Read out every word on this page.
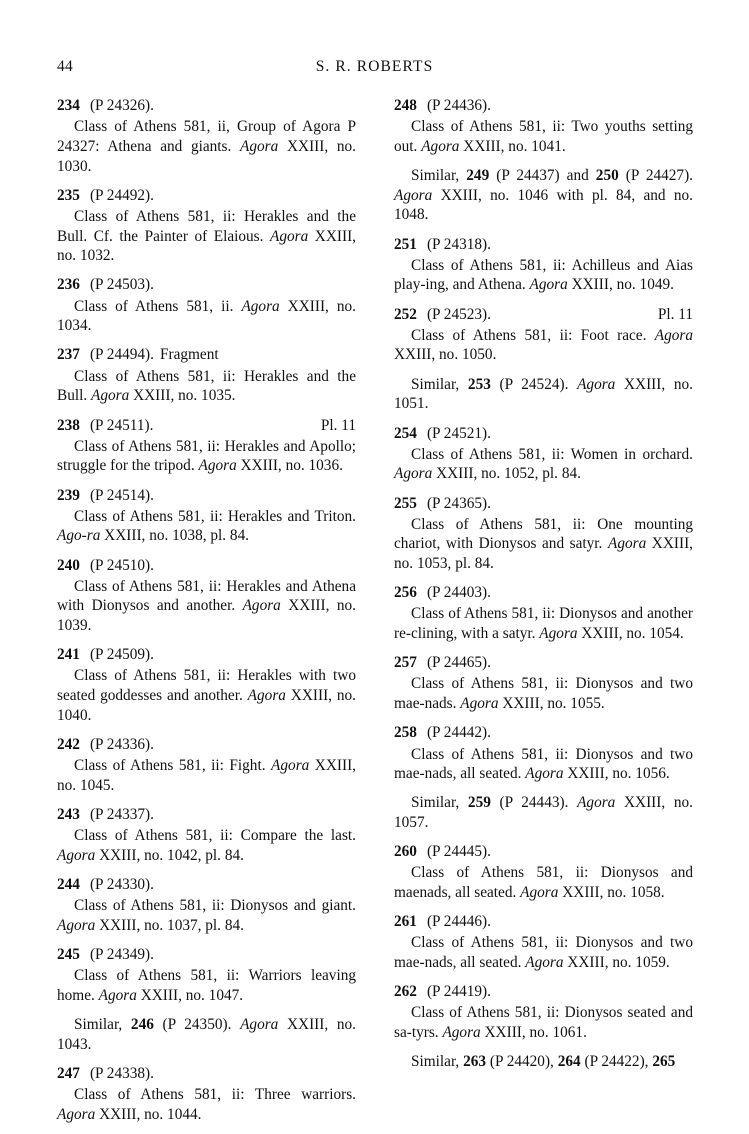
44	S. R. ROBERTS
234 (P 24326).
Class of Athens 581, ii, Group of Agora P 24327: Athena and giants. Agora XXIII, no. 1030.
235 (P 24492).
Class of Athens 581, ii: Herakles and the Bull. Cf. the Painter of Elaious. Agora XXIII, no. 1032.
236 (P 24503).
Class of Athens 581, ii. Agora XXIII, no. 1034.
237 (P 24494). Fragment
Class of Athens 581, ii: Herakles and the Bull. Agora XXIII, no. 1035.
238 (P 24511).	Pl. 11
Class of Athens 581, ii: Herakles and Apollo; struggle for the tripod. Agora XXIII, no. 1036.
239 (P 24514).
Class of Athens 581, ii: Herakles and Triton. Ago-ra XXIII, no. 1038, pl. 84.
240 (P 24510).
Class of Athens 581, ii: Herakles and Athena with Dionysos and another. Agora XXIII, no. 1039.
241 (P 24509).
Class of Athens 581, ii: Herakles with two seated goddesses and another. Agora XXIII, no. 1040.
242 (P 24336).
Class of Athens 581, ii: Fight. Agora XXIII, no. 1045.
243 (P 24337).
Class of Athens 581, ii: Compare the last. Agora XXIII, no. 1042, pl. 84.
244 (P 24330).
Class of Athens 581, ii: Dionysos and giant. Agora XXIII, no. 1037, pl. 84.
245 (P 24349).
Class of Athens 581, ii: Warriors leaving home. Agora XXIII, no. 1047.
Similar, 246 (P 24350). Agora XXIII, no. 1043.
247 (P 24338).
Class of Athens 581, ii: Three warriors. Agora XXIII, no. 1044.
248 (P 24436).
Class of Athens 581, ii: Two youths setting out. Agora XXIII, no. 1041.
Similar, 249 (P 24437) and 250 (P 24427). Agora XXIII, no. 1046 with pl. 84, and no. 1048.
251 (P 24318).
Class of Athens 581, ii: Achilleus and Aias play-ing, and Athena. Agora XXIII, no. 1049.
252 (P 24523).	Pl. 11
Class of Athens 581, ii: Foot race. Agora XXIII, no. 1050.
Similar, 253 (P 24524). Agora XXIII, no. 1051.
254 (P 24521).
Class of Athens 581, ii: Women in orchard. Agora XXIII, no. 1052, pl. 84.
255 (P 24365).
Class of Athens 581, ii: One mounting chariot, with Dionysos and satyr. Agora XXIII, no. 1053, pl. 84.
256 (P 24403).
Class of Athens 581, ii: Dionysos and another re-clining, with a satyr. Agora XXIII, no. 1054.
257 (P 24465).
Class of Athens 581, ii: Dionysos and two mae-nads. Agora XXIII, no. 1055.
258 (P 24442).
Class of Athens 581, ii: Dionysos and two mae-nads, all seated. Agora XXIII, no. 1056.
Similar, 259 (P 24443). Agora XXIII, no. 1057.
260 (P 24445).
Class of Athens 581, ii: Dionysos and maenads, all seated. Agora XXIII, no. 1058.
261 (P 24446).
Class of Athens 581, ii: Dionysos and two mae-nads, all seated. Agora XXIII, no. 1059.
262 (P 24419).
Class of Athens 581, ii: Dionysos seated and sa-tyrs. Agora XXIII, no. 1061.
Similar, 263 (P 24420), 264 (P 24422), 265
